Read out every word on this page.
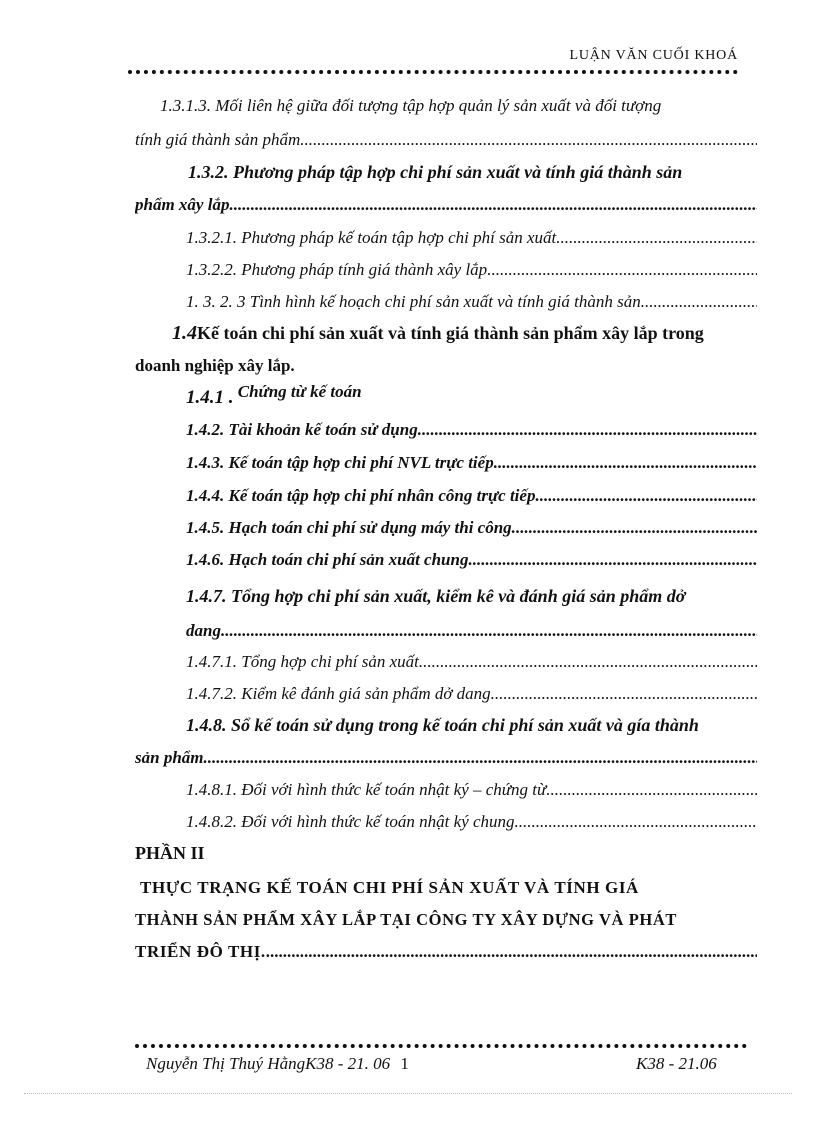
LUẬN VĂN CUỐI KHOÁ
1.3.1.3. Mối liên hệ giữa đối tượng tập hợp quản lý sản xuất và đối tượng
tính giá thành sản phẩm
.....
1.3.2. Phương pháp tập hợp chi phí sản xuất và tính giá thành sản
phẩm xây lắp
.....
1.3.2.1. Phương pháp kế toán tập hợp chi phí sản xuất
.....
1.3.2.2. Phương pháp tính giá thành xây lắp
.....
1. 3. 2. 3 Tình hình kế hoạch chi phí sản xuất và tính giá thành sản
.....
1.4Kế toán chi phí sản xuất và tính giá thành sản phẩm xây lắp trong
doanh nghiệp xây lắp.
1.4.1 . Chứng từ kế toán
1.4.2. Tài khoản kế toán sử dụng.
.....
1.4.3. Kế toán tập hợp chi phí NVL trực tiếp.
.....
1.4.4. Kế toán tập hợp chi phí nhân công trực tiếp.
.....
1.4.5. Hạch toán chi phí sử dụng máy thi công.
.....
1.4.6. Hạch toán chi phí sản xuất chung
.....
1.4.7. Tổng hợp chi phí sản xuất, kiểm kê và đánh giá sản phẩm dở
dang.
.....
1.4.7.1. Tổng hợp chi phí sản xuất.
.....
1.4.7.2. Kiểm kê đánh giá sản phẩm dở dang.
.....
1.4.8. Sổ kế toán sử dụng trong kế toán chi phí sản xuất và gía thành
sản phẩm.
.....
1.4.8.1. Đối với hình thức kế toán nhật ký – chứng từ.
.....
1.4.8.2. Đối với hình thức kế toán nhật ký chung
.....
PHẦN II
THỰC TRẠNG KẾ TOÁN CHI PHÍ SẢN XUẤT VÀ TÍNH GIÁ
THÀNH SẢN PHẨM XÂY LẮP TẠI CÔNG TY XÂY DỰNG VÀ PHÁT
TRIỂN ĐÔ THỊ.
.....
Nguyễn Thị Thuý HằngK38 - 21. 06 1	K38 - 21.06
